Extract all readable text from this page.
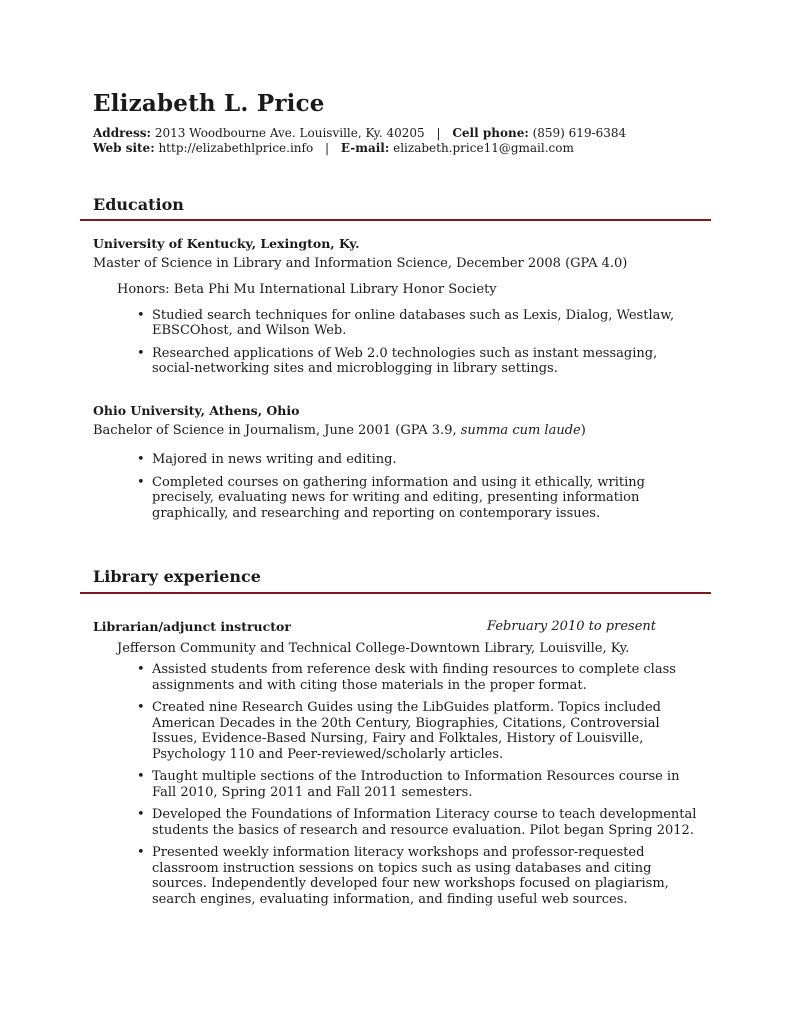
Elizabeth L. Price
Address: 2013 Woodbourne Ave. Louisville, Ky. 40205 | Cell phone: (859) 619-6384
Web site: http://elizabethlprice.info | E-mail: elizabeth.price11@gmail.com
Education
University of Kentucky, Lexington, Ky.
Master of Science in Library and Information Science, December 2008 (GPA 4.0)
Honors: Beta Phi Mu International Library Honor Society
• Studied search techniques for online databases such as Lexis, Dialog, Westlaw, EBSCOhost, and Wilson Web.
• Researched applications of Web 2.0 technologies such as instant messaging, social-networking sites and microblogging in library settings.
Ohio University, Athens, Ohio
Bachelor of Science in Journalism, June 2001 (GPA 3.9, summa cum laude)
• Majored in news writing and editing.
• Completed courses on gathering information and using it ethically, writing precisely, evaluating news for writing and editing, presenting information graphically, and researching and reporting on contemporary issues.
Library experience
Librarian/adjunct instructor	February 2010 to present
Jefferson Community and Technical College-Downtown Library, Louisville, Ky.
• Assisted students from reference desk with finding resources to complete class assignments and with citing those materials in the proper format.
• Created nine Research Guides using the LibGuides platform. Topics included American Decades in the 20th Century, Biographies, Citations, Controversial Issues, Evidence-Based Nursing, Fairy and Folktales, History of Louisville, Psychology 110 and Peer-reviewed/scholarly articles.
• Taught multiple sections of the Introduction to Information Resources course in Fall 2010, Spring 2011 and Fall 2011 semesters.
• Developed the Foundations of Information Literacy course to teach developmental students the basics of research and resource evaluation. Pilot began Spring 2012.
• Presented weekly information literacy workshops and professor-requested classroom instruction sessions on topics such as using databases and citing sources. Independently developed four new workshops focused on plagiarism, search engines, evaluating information, and finding useful web sources.
